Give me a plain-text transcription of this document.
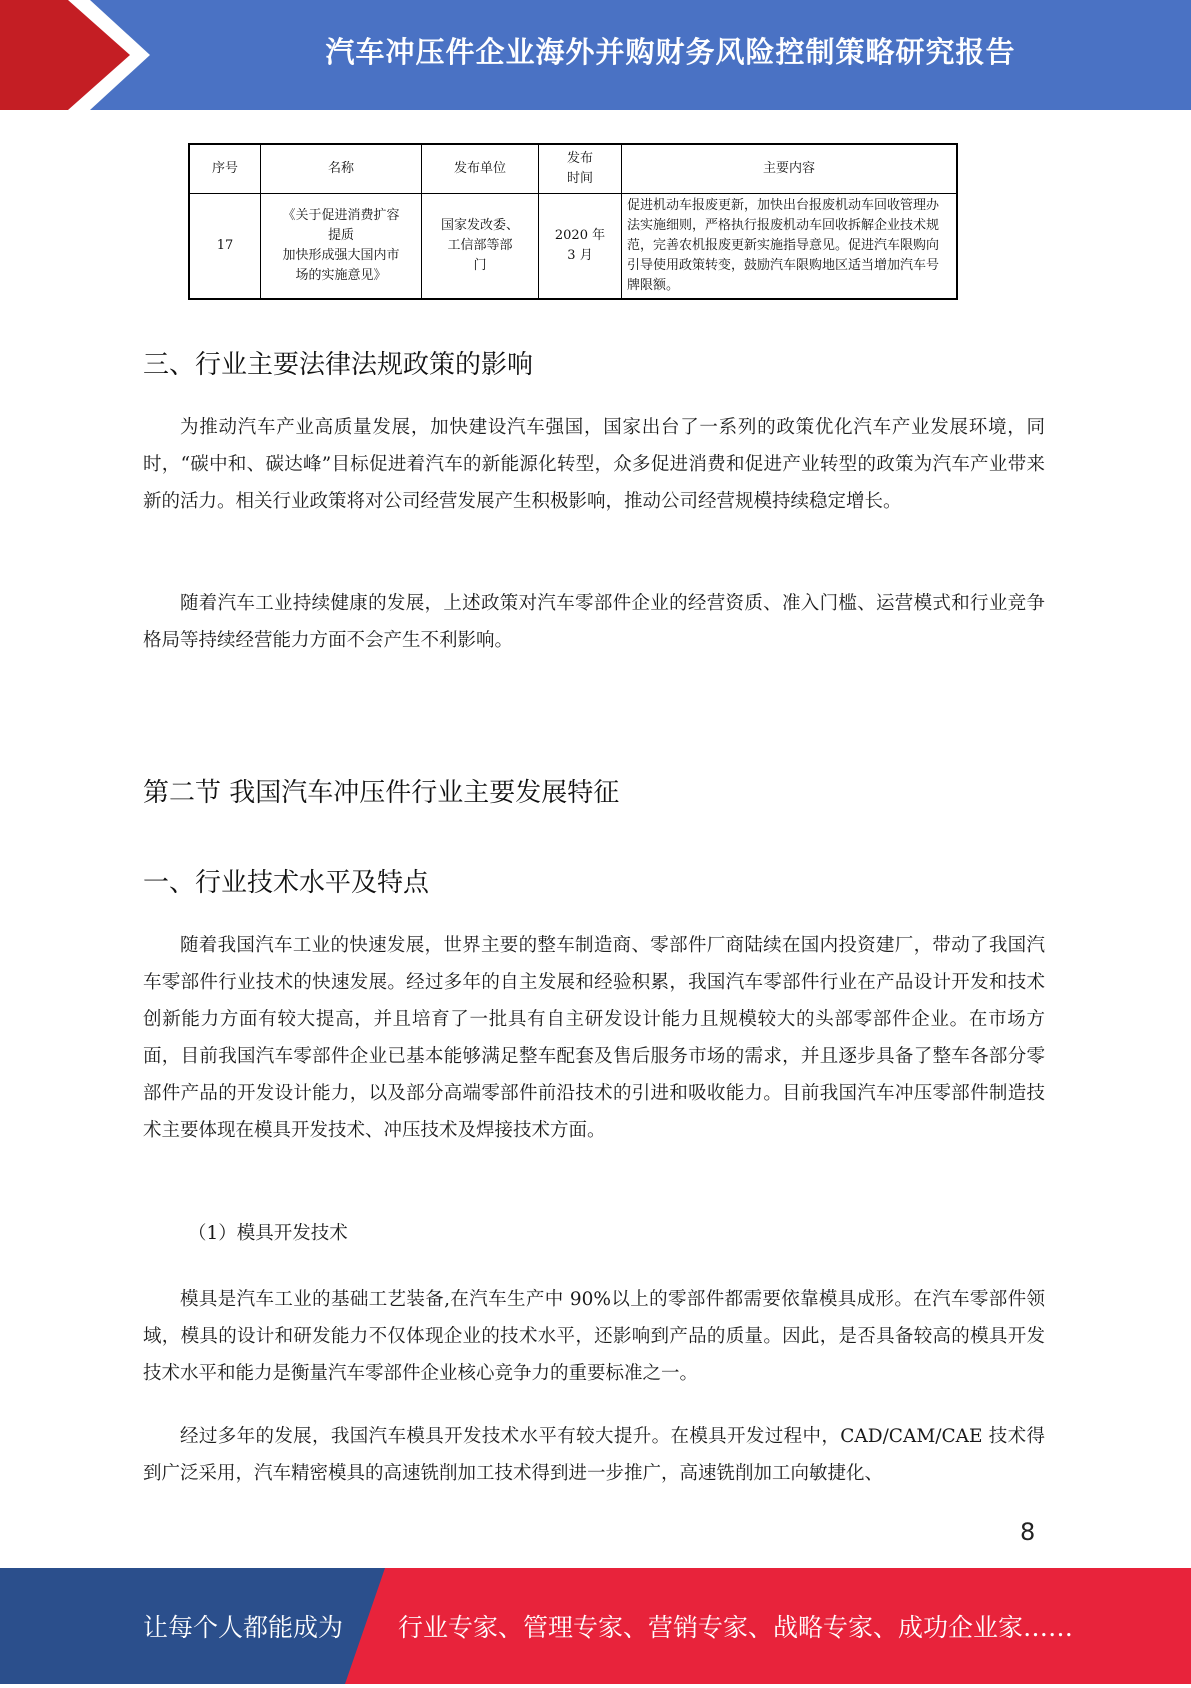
汽车冲压件企业海外并购财务风险控制策略研究报告
序号	名称	发布单位	发布
时间	主要内容
17	《关于促进消费扩容
提质
加快形成强大国内市
场的实施意见》	国家发改委、
工信部等部
门	2020 年
3 月	促进机动车报废更新，加快出台报废机动车回收管理办法实施细则，严格执行报废机动车回收拆解企业技术规范，完善农机报废更新实施指导意见。促进汽车限购向引导使用政策转变，鼓励汽车限购地区适当增加汽车号牌限额。
三、行业主要法律法规政策的影响

为推动汽车产业高质量发展，加快建设汽车强国，国家出台了一系列的政策优化汽车产业发展环境，同时，“碳中和、碳达峰”目标促进着汽车的新能源化转型，众多促进消费和促进产业转型的政策为汽车产业带来新的活力。相关行业政策将对公司经营发展产生积极影响，推动公司经营规模持续稳定增长。

随着汽车工业持续健康的发展，上述政策对汽车零部件企业的经营资质、准入门槛、运营模式和行业竞争格局等持续经营能力方面不会产生不利影响。

第二节 我国汽车冲压件行业主要发展特征
一、行业技术水平及特点

随着我国汽车工业的快速发展，世界主要的整车制造商、零部件厂商陆续在国内投资建厂，带动了我国汽车零部件行业技术的快速发展。经过多年的自主发展和经验积累，我国汽车零部件行业在产品设计开发和技术创新能力方面有较大提高，并且培育了一批具有自主研发设计能力且规模较大的头部零部件企业。在市场方面，目前我国汽车零部件企业已基本能够满足整车配套及售后服务市场的需求，并且逐步具备了整车各部分零部件产品的开发设计能力，以及部分高端零部件前沿技术的引进和吸收能力。目前我国汽车冲压零部件制造技术主要体现在模具开发技术、冲压技术及焊接技术方面。

（1）模具开发技术

模具是汽车工业的基础工艺装备,在汽车生产中 90%以上的零部件都需要依靠模具成形。在汽车零部件领域，模具的设计和研发能力不仅体现企业的技术水平，还影响到产品的质量。因此，是否具备较高的模具开发技术水平和能力是衡量汽车零部件企业核心竞争力的重要标准之一。

经过多年的发展，我国汽车模具开发技术水平有较大提升。在模具开发过程中，CAD/CAM/CAE 技术得到广泛采用，汽车精密模具的高速铣削加工技术得到进一步推广，高速铣削加工向敏捷化、

8
让每个人都能成为 行业专家、管理专家、营销专家、战略专家、成功企业家……
